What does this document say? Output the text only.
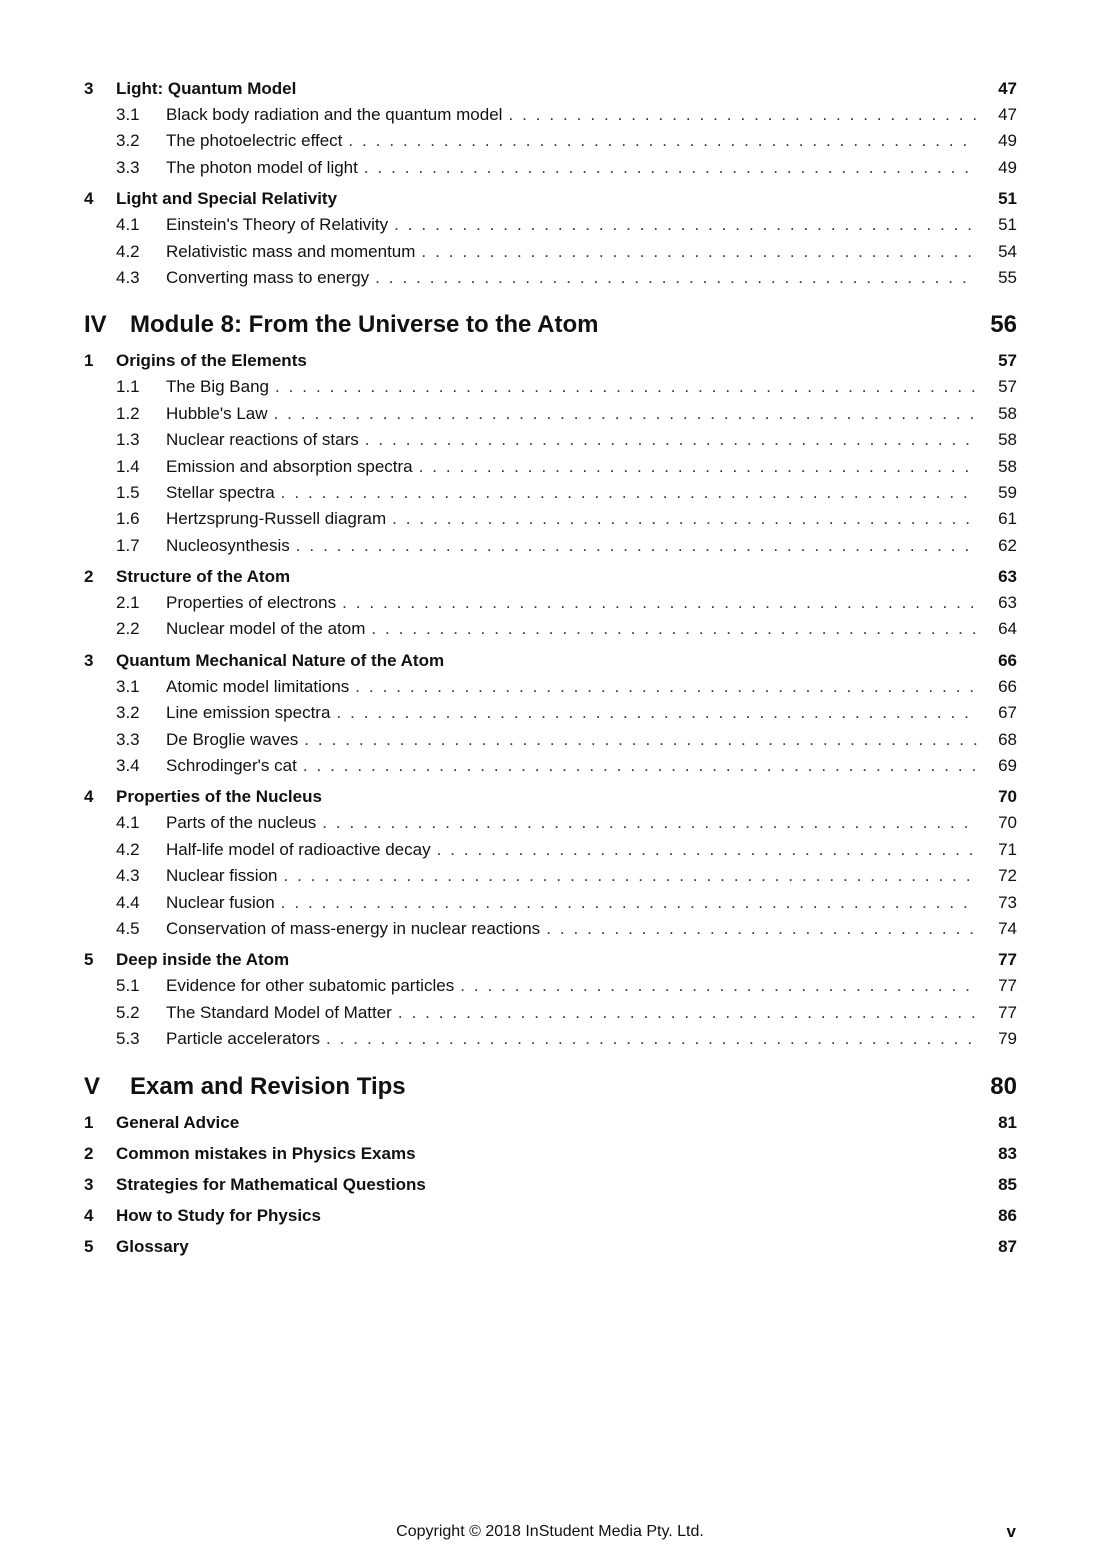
3	Light: Quantum Model	47
3.1	Black body radiation and the quantum model . . .	47
3.2	The photoelectric effect . . .	49
3.3	The photon model of light . . .	49
4	Light and Special Relativity	51
4.1	Einstein's Theory of Relativity . . .	51
4.2	Relativistic mass and momentum . . .	54
4.3	Converting mass to energy . . .	55
IV Module 8: From the Universe to the Atom	56
1	Origins of the Elements	57
1.1	The Big Bang . . .	57
1.2	Hubble's Law . . .	58
1.3	Nuclear reactions of stars . . .	58
1.4	Emission and absorption spectra . . .	58
1.5	Stellar spectra . . .	59
1.6	Hertzsprung-Russell diagram . . .	61
1.7	Nucleosynthesis . . .	62
2	Structure of the Atom	63
2.1	Properties of electrons . . .	63
2.2	Nuclear model of the atom . . .	64
3	Quantum Mechanical Nature of the Atom	66
3.1	Atomic model limitations . . .	66
3.2	Line emission spectra . . .	67
3.3	De Broglie waves . . .	68
3.4	Schrodinger's cat . . .	69
4	Properties of the Nucleus	70
4.1	Parts of the nucleus . . .	70
4.2	Half-life model of radioactive decay . . .	71
4.3	Nuclear fission . . .	72
4.4	Nuclear fusion . . .	73
4.5	Conservation of mass-energy in nuclear reactions . . .	74
5	Deep inside the Atom	77
5.1	Evidence for other subatomic particles . . .	77
5.2	The Standard Model of Matter . . .	77
5.3	Particle accelerators . . .	79
V	Exam and Revision Tips	80
1	General Advice	81
2	Common mistakes in Physics Exams	83
3	Strategies for Mathematical Questions	85
4	How to Study for Physics	86
5	Glossary	87
Copyright © 2018 InStudent Media Pty. Ltd.	v
